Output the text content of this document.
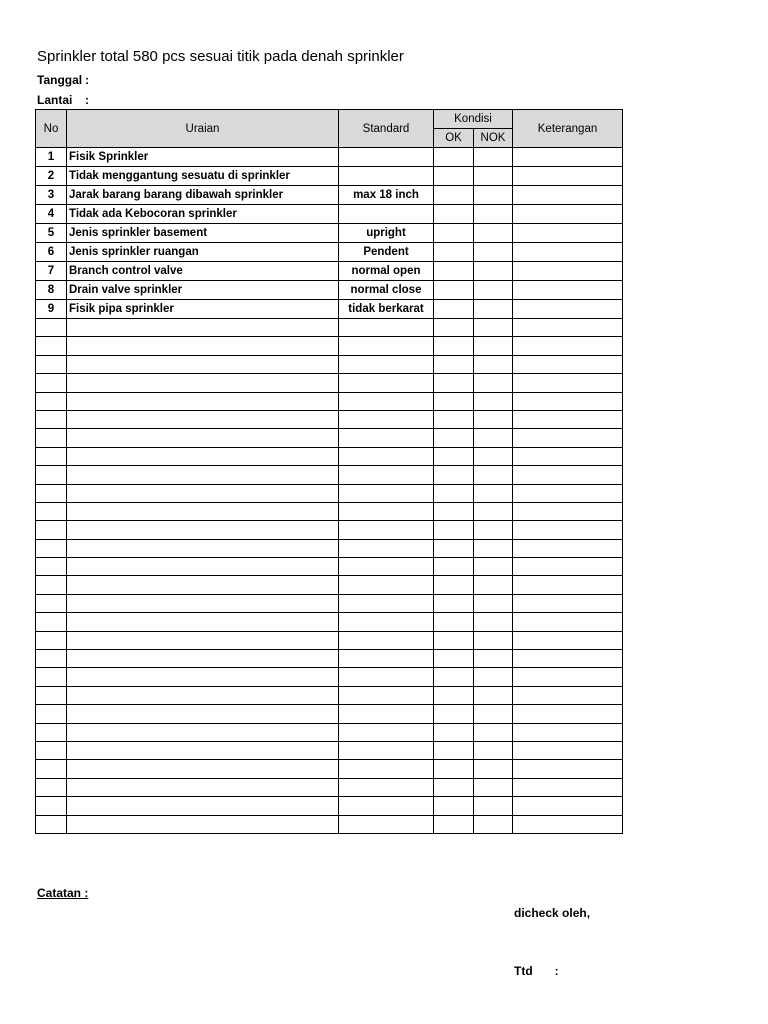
Sprinkler total 580 pcs sesuai titik pada denah sprinkler
Tanggal :
Lantai :
No	Uraian	Standard	Kondisi		Keterangan
			OK	NOK	
1	Fisik Sprinkler				
2	Tidak menggantung sesuatu di sprinkler				
3	Jarak barang barang dibawah sprinkler	max 18 inch			
4	Tidak ada Kebocoran sprinkler				
5	Jenis sprinkler basement	upright			
6	Jenis sprinkler ruangan	Pendent			
7	Branch control valve	normal open			
8	Drain valve sprinkler	normal close			
9	Fisik pipa sprinkler	tidak berkarat			

Catatan :
dicheck oleh,
Ttd :
